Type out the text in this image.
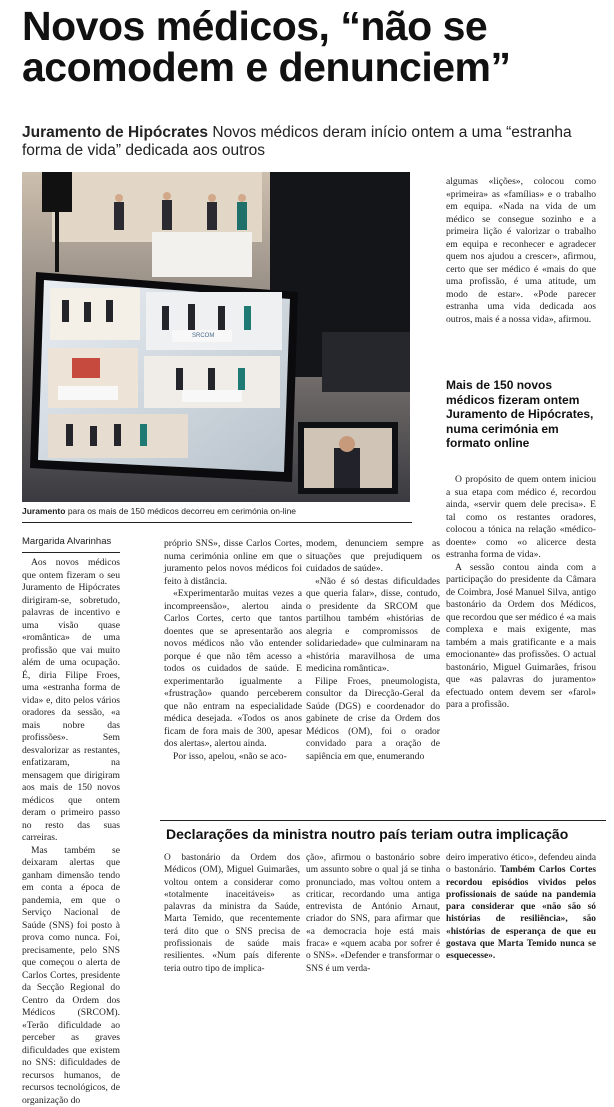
Novos médicos, “não se acomodem e denunciem”
Juramento de Hipócrates Novos médicos deram início ontem a uma “estranha forma de vida” dedicada aos outros
SRCOM
Juramento para os mais de 150 médicos decorreu em cerimónia on-line
Margarida Alvarinhas

Aos novos médicos que ontem fizeram o seu Juramento de Hipócrates dirigiram-se, sobretudo, palavras de incentivo e uma visão quase «romântica» de uma profissão que vai muito além de uma ocupação. É, diria Filipe Froes, uma «estranha forma de vida» e, dito pelos vários oradores da sessão, «a mais nobre das profissões». Sem desvalorizar as restantes, enfatizaram, na mensagem que dirigiram aos mais de 150 novos médicos que ontem deram o primeiro passo no resto das suas carreiras.

Mas também se deixaram alertas que ganham dimensão tendo em conta a época de pandemia, em que o Serviço Nacional de Saúde (SNS) foi posto à prova como nunca. Foi, precisamente, pelo SNS que começou o alerta de Carlos Cortes, presidente da Secção Regional do Centro da Ordem dos Médicos (SRCOM). «Terão dificuldade ao perceber as graves dificuldades que existem no SNS: dificuldades de recursos humanos, de recursos tecnológicos, de organização do

próprio SNS», disse Carlos Cortes, numa cerimónia online em que o juramento pelos novos médicos foi feito à distância.

«Experimentarão muitas vezes a incompreensão», alertou ainda Carlos Cortes, certo que tantos doentes que se apresentarão aos novos médicos não vão entender porque é que não têm acesso a todos os cuidados de saúde. E experimentarão igualmente a «frustração» quando perceberem que não entram na especialidade médica desejada. «Todos os anos ficam de fora mais de 300, apesar dos alertas», alertou ainda.

Por isso, apelou, «não se aco-

modem, denunciem sempre as situações que prejudiquem os cuidados de saúde».

«Não é só destas dificuldades que queria falar», disse, contudo, o presidente da SRCOM que partilhou também «histórias de alegria e compromissos de solidariedade» que culminaram na «história maravilhosa de uma medicina romântica».

Filipe Froes, pneumologista, consultor da Direcção-Geral da Saúde (DGS) e coordenador do gabinete de crise da Ordem dos Médicos (OM), foi o orador convidado para a oração de sapiência em que, enumerando

algumas «lições», colocou como «primeira» as «famílias» e o trabalho em equipa. «Nada na vida de um médico se consegue sozinho e a primeira lição é valorizar o trabalho em equipa e reconhecer e agradecer quem nos ajudou a crescer», afirmou, certo que ser médico é «mais do que uma profissão, é uma atitude, um modo de estar». «Pode parecer estranha uma vida dedicada aos outros, mais é a nossa vida», afirmou.

Mais de 150 novos médicos fizeram ontem Juramento de Hipócrates, numa cerimónia em formato online

O propósito de quem ontem iniciou a sua etapa com médico é, recordou ainda, «servir quem dele precisa». E tal como os restantes oradores, colocou a tónica na relação «médico-doente» como «o alicerce desta estranha forma de vida».

A sessão contou ainda com a participação do presidente da Câmara de Coimbra, José Manuel Silva, antigo bastonário da Ordem dos Médicos, que recordou que ser médico é «a mais complexa e mais exigente, mas também a mais gratificante e a mais emocionante» das profissões. O actual bastonário, Miguel Guimarães, frisou que «as palavras do juramento» efectuado ontem devem ser «farol» para a profissão.

Declarações da ministra noutro país teriam outra implicação

O bastonário da Ordem dos Médicos (OM), Miguel Guimarães, voltou ontem a considerar como «totalmente inaceitáveis» as palavras da ministra da Saúde, Marta Temido, que recentemente terá dito que o SNS precisa de profissionais de saúde mais resilientes. «Num país diferente teria outro tipo de implica-

ção», afirmou o bastonário sobre um assunto sobre o qual já se tinha pronunciado, mas voltou ontem a criticar, recordando uma antiga entrevista de António Arnaut, criador do SNS, para afirmar que «a democracia hoje está mais fraca» e «quem acaba por sofrer é o SNS». «Defender e transformar o SNS é um verda-

deiro imperativo ético», defendeu ainda o bastonário. Também Carlos Cortes recordou episódios vividos pelos profissionais de saúde na pandemia para considerar que «não são só histórias de resiliência», são «histórias de esperança de que eu gostava que Marta Temido nunca se esquecesse».
